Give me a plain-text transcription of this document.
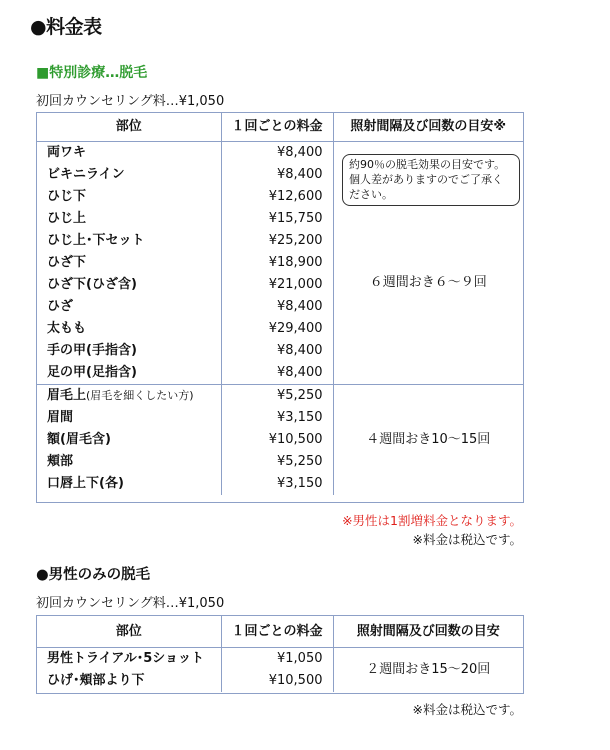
●料金表
■特別診療…脱毛
初回カウンセリング料…¥1,050
部位	１回ごとの料金	照射間隔及び回数の目安※
両ワキ	¥8,400	６週間おき６〜９回
ビキニライン	¥8,400	
ひじ下	¥12,600	
ひじ上	¥15,750	
ひじ上･下セット	¥25,200	
ひざ下	¥18,900	
ひざ下(ひざ含)	¥21,000	
ひざ	¥8,400	
太もも	¥29,400	
手の甲(手指含)	¥8,400	
足の甲(足指含)	¥8,400	
眉毛上(眉毛を細くしたい方)	¥5,250	４週間おき10〜15回
眉間	¥3,150	
額(眉毛含)	¥10,500	
頬部	¥5,250	
口唇上下(各)	¥3,150	
約90％の脱毛効果の目安です。個人差がありますのでご了承ください。
※男性は1割増料金となります。
※料金は税込です。
●男性のみの脱毛
初回カウンセリング料…¥1,050
部位	１回ごとの料金	照射間隔及び回数の目安
男性トライアル･5ショット	¥1,050	２週間おき15〜20回
ひげ･頬部より下	¥10,500	
※料金は税込です。
